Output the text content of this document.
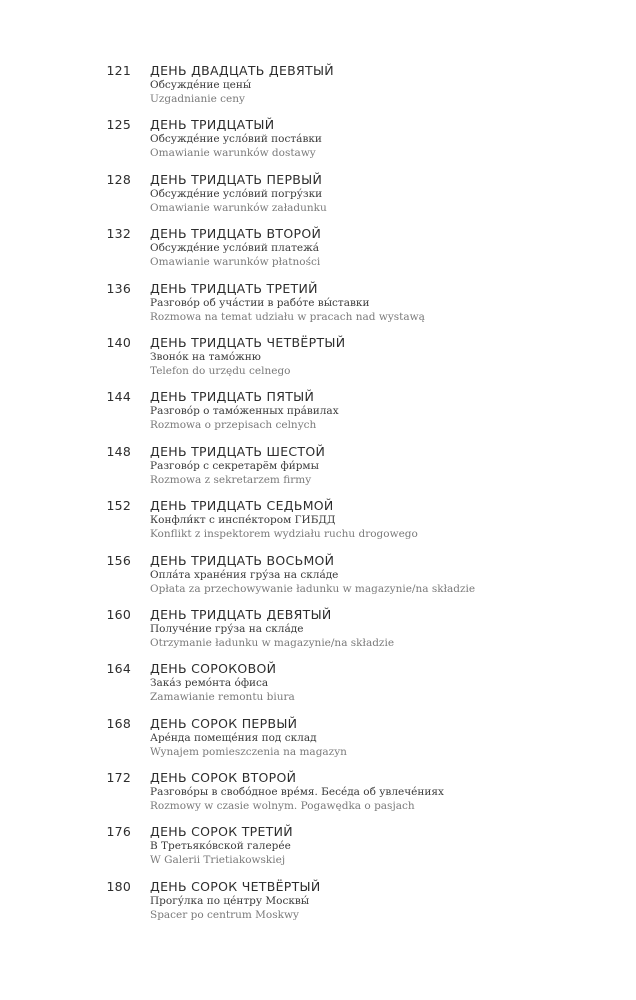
121 ДЕНЬ ДВАДЦАТЬ ДЕВЯТЫЙ
Обсужде́ние цены́
Uzgadnianie ceny
125 ДЕНЬ ТРИДЦАТЫЙ
Обсужде́ние усло́вий поста́вки
Omawianie warunków dostawy
128 ДЕНЬ ТРИДЦАТЬ ПЕРВЫЙ
Обсужде́ние усло́вий погру́зки
Omawianie warunków załadunku
132 ДЕНЬ ТРИДЦАТЬ ВТОРОЙ
Обсужде́ние усло́вий платежа́
Omawianie warunków płatności
136 ДЕНЬ ТРИДЦАТЬ ТРЕТИЙ
Разгово́р об уча́стии в рабо́те вы́ставки
Rozmowa na temat udziału w pracach nad wystawą
140 ДЕНЬ ТРИДЦАТЬ ЧЕТВЁРТЫЙ
Звоно́к на тамо́жню
Telefon do urzędu celnego
144 ДЕНЬ ТРИДЦАТЬ ПЯТЫЙ
Разгово́р о тамо́женных пра́вилах
Rozmowa o przepisach celnych
148 ДЕНЬ ТРИДЦАТЬ ШЕСТОЙ
Разгово́р с секретарём фи́рмы
Rozmowa z sekretarzem firmy
152 ДЕНЬ ТРИДЦАТЬ СЕДЬМОЙ
Конфли́кт с инспе́ктором ГИБДД
Konflikt z inspektorem wydziału ruchu drogowego
156 ДЕНЬ ТРИДЦАТЬ ВОСЬМОЙ
Опла́та хране́ния гру́за на скла́де
Opłata za przechowywanie ładunku w magazynie/na składzie
160 ДЕНЬ ТРИДЦАТЬ ДЕВЯТЫЙ
Получе́ние гру́за на скла́де
Otrzymanie ładunku w magazynie/na składzie
164 ДЕНЬ СОРОКОВОЙ
Зака́з ремо́нта о́фиса
Zamawianie remontu biura
168 ДЕНЬ СОРОК ПЕРВЫЙ
Аре́нда помеще́ния под склад
Wynajem pomieszczenia na magazyn
172 ДЕНЬ СОРОК ВТОРОЙ
Разгово́ры в свобо́дное вре́мя. Бесе́да об увлече́ниях
Rozmowy w czasie wolnym. Pogawędka o pasjach
176 ДЕНЬ СОРОК ТРЕТИЙ
В Третьяко́вской галере́е
W Galerii Trietiakowskiej
180 ДЕНЬ СОРОК ЧЕТВЁРТЫЙ
Прогу́лка по це́нтру Москвы́
Spacer po centrum Moskwy
